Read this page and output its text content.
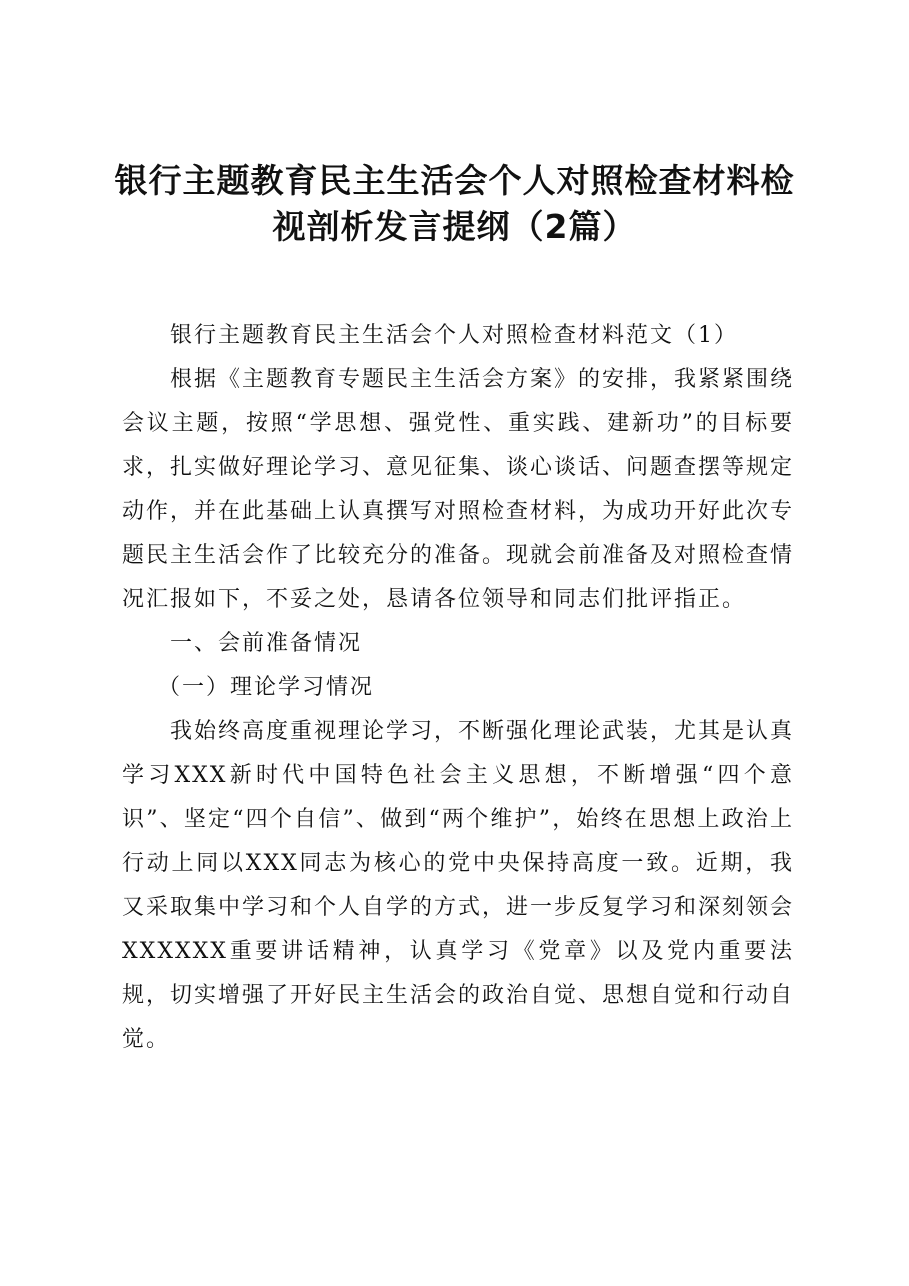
银行主题教育民主生活会个人对照检查材料检
视剖析发言提纲（2篇）

银行主题教育民主生活会个人对照检查材料范文（1）

根据《主题教育专题民主生活会方案》的安排，我紧紧围绕会议主题，按照“学思想、强党性、重实践、建新功”的目标要求，扎实做好理论学习、意见征集、谈心谈话、问题查摆等规定动作，并在此基础上认真撰写对照检查材料，为成功开好此次专题民主生活会作了比较充分的准备。现就会前准备及对照检查情况汇报如下，不妥之处，恳请各位领导和同志们批评指正。

一、会前准备情况

（一）理论学习情况

我始终高度重视理论学习，不断强化理论武装，尤其是认真学习XXX新时代中国特色社会主义思想，不断增强“四个意识”、坚定“四个自信”、做到“两个维护”，始终在思想上政治上行动上同以XXX同志为核心的党中央保持高度一致。近期，我又采取集中学习和个人自学的方式，进一步反复学习和深刻领会XXXXXX重要讲话精神，认真学习《党章》以及党内重要法规，切实增强了开好民主生活会的政治自觉、思想自觉和行动自觉。
